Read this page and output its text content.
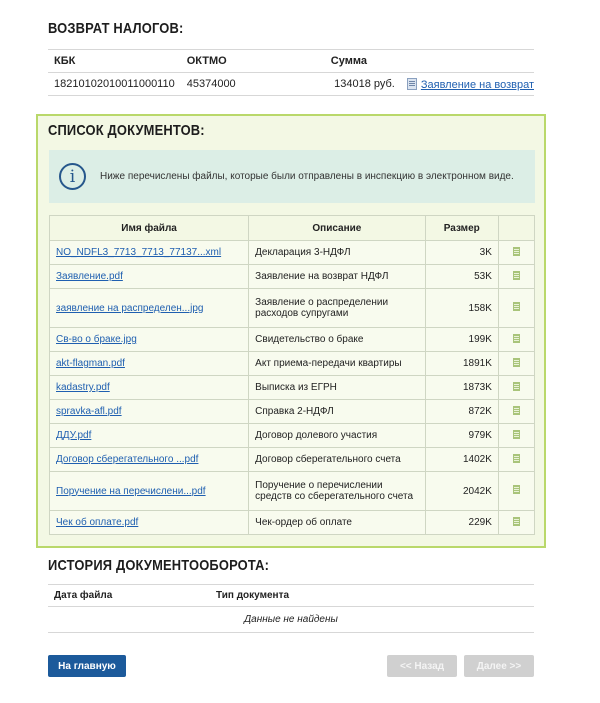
ВОЗВРАТ НАЛОГОВ:
КБК	ОКТМО	Сумма	
18210102010011000110	45374000	134018 руб.	Заявление на возврат
СПИСОК ДОКУМЕНТОВ:
i	Ниже перечислены файлы, которые были отправлены в инспекцию в электронном виде.
Имя файла	Описание	Размер	
NO_NDFL3_7713_7713_77137...xml	Декларация 3-НДФЛ	3K	
Заявление.pdf	Заявление на возврат НДФЛ	53K	
заявление на распределен...jpg	Заявление о распределении расходов супругами	158K	
Св-во о браке.jpg	Свидетельство о браке	199K	
akt-flagman.pdf	Акт приема-передачи квартиры	1891K	
kadastry.pdf	Выписка из ЕГРН	1873K	
spravka-afl.pdf	Справка 2-НДФЛ	872K	
ДДУ.pdf	Договор долевого участия	979K	
Договор сберегательного ...pdf	Договор сберегательного счета	1402K	
Поручение на перечислени...pdf	Поручение о перечислении средств со сберегательного счета	2042K	
Чек об оплате.pdf	Чек-ордер об оплате	229K	
ИСТОРИЯ ДОКУМЕНТООБОРОТА:
Дата файла	Тип документа
Данные не найдены
На главную	<< Назад	Далее >>
